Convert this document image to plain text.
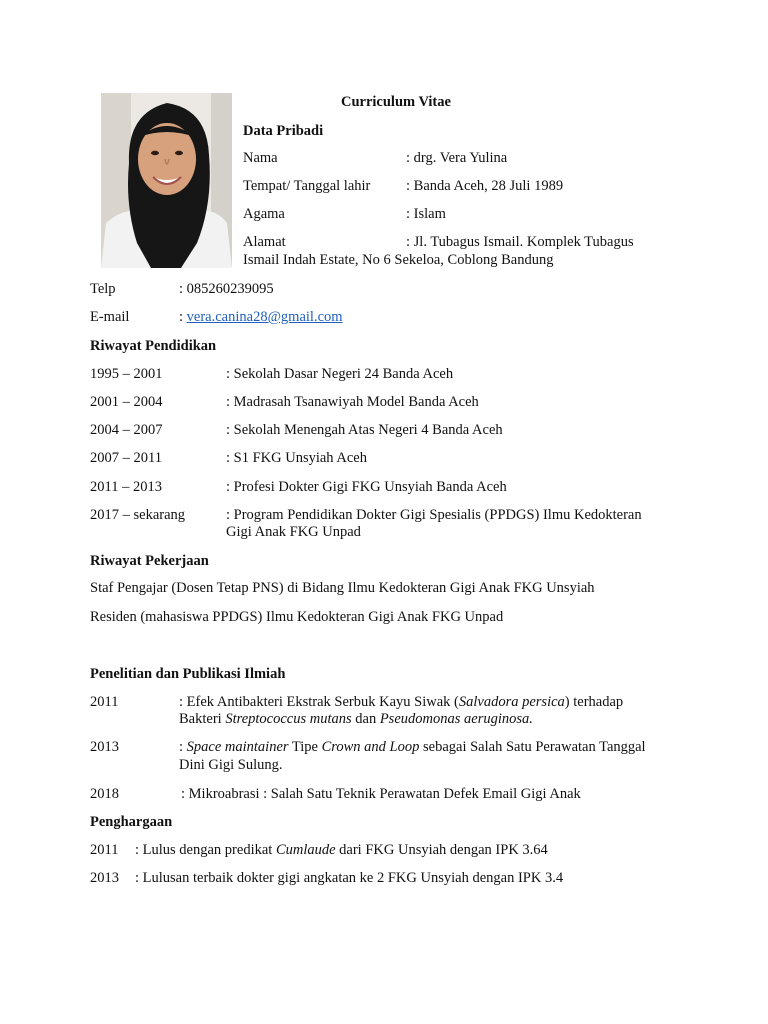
Curriculum Vitae
Data Pribadi
Nama	: drg. Vera Yulina
Tempat/ Tanggal lahir : Banda Aceh, 28 Juli 1989
Agama	: Islam
Alamat	: Jl. Tubagus Ismail. Komplek Tubagus
Ismail Indah Estate, No 6 Sekeloa, Coblong Bandung
Telp	: 085260239095
E-mail	: vera.canina28@gmail.com
Riwayat Pendidikan
1995 – 2001	: Sekolah Dasar Negeri 24 Banda Aceh
2001 – 2004	: Madrasah Tsanawiyah Model Banda Aceh
2004 – 2007	: Sekolah Menengah Atas Negeri 4 Banda Aceh
2007 – 2011	: S1 FKG Unsyiah Aceh
2011 – 2013	: Profesi Dokter Gigi FKG Unsyiah Banda Aceh
2017 – sekarang	: Program Pendidikan Dokter Gigi Spesialis (PPDGS) Ilmu Kedokteran
Gigi Anak FKG Unpad
Riwayat Pekerjaan
Staf Pengajar (Dosen Tetap PNS) di Bidang Ilmu Kedokteran Gigi Anak FKG Unsyiah
Residen (mahasiswa PPDGS) Ilmu Kedokteran Gigi Anak FKG Unpad
Penelitian dan Publikasi Ilmiah
2011	: Efek Antibakteri Ekstrak Serbuk Kayu Siwak (Salvadora persica) terhadap
Bakteri Streptococcus mutans dan Pseudomonas aeruginosa.
2013	: Space maintainer Tipe Crown and Loop sebagai Salah Satu Perawatan Tanggal
Dini Gigi Sulung.
2018	: Mikroabrasi : Salah Satu Teknik Perawatan Defek Email Gigi Anak
Penghargaan
2011 : Lulus dengan predikat Cumlaude dari FKG Unsyiah dengan IPK 3.64
2013 : Lulusan terbaik dokter gigi angkatan ke 2 FKG Unsyiah dengan IPK 3.4
